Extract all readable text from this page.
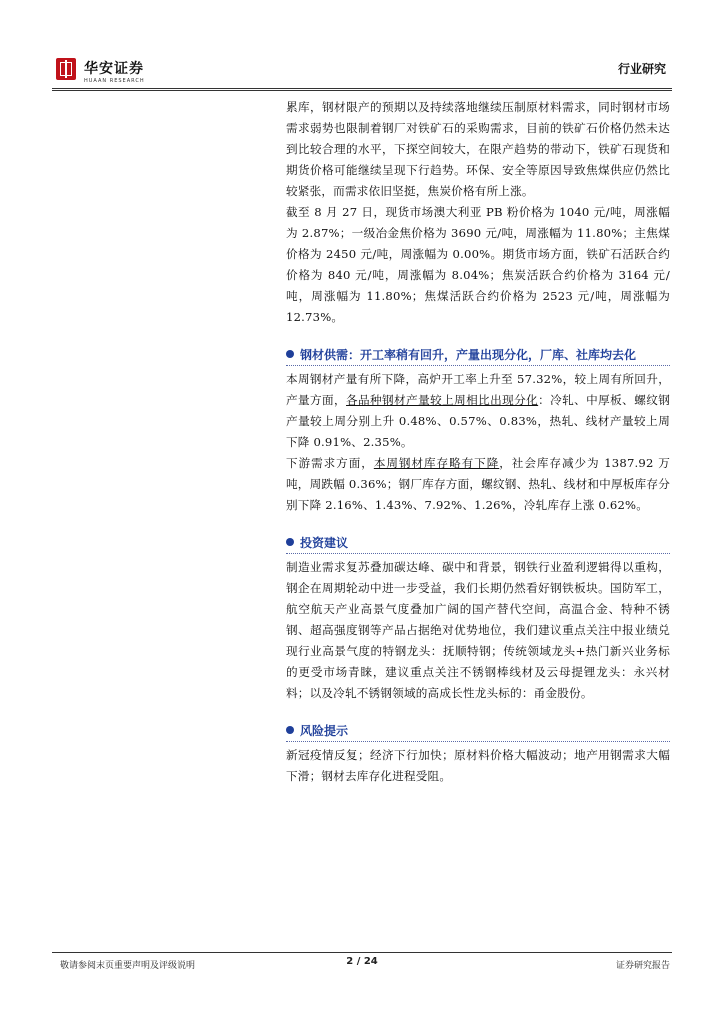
华安证券
HUAAN RESEARCH
行业研究

累库，钢材限产的预期以及持续落地继续压制原材料需求，同时钢材市场需求弱势也限制着钢厂对铁矿石的采购需求，目前的铁矿石价格仍然未达到比较合理的水平，下探空间较大，在限产趋势的带动下，铁矿石现货和期货价格可能继续呈现下行趋势。环保、安全等原因导致焦煤供应仍然比较紧张，而需求依旧坚挺，焦炭价格有所上涨。

截至 8 月 27 日，现货市场澳大利亚 PB 粉价格为 1040 元/吨，周涨幅为 2.87%；一级冶金焦价格为 3690 元/吨，周涨幅为 11.80%；主焦煤价格为 2450 元/吨，周涨幅为 0.00%。期货市场方面，铁矿石活跃合约价格为 840 元/吨，周涨幅为 8.04%；焦炭活跃合约价格为 3164 元/吨，周涨幅为 11.80%；焦煤活跃合约价格为 2523 元/吨，周涨幅为 12.73%。

钢材供需：开工率稍有回升，产量出现分化，厂库、社库均去化

本周钢材产量有所下降，高炉开工率上升至 57.32%，较上周有所回升，产量方面，各品种钢材产量较上周相比出现分化：冷轧、中厚板、螺纹钢产量较上周分别上升 0.48%、0.57%、0.83%，热轧、线材产量较上周下降 0.91%、2.35%。

下游需求方面，本周钢材库存略有下降，社会库存减少为 1387.92 万吨，周跌幅 0.36%；钢厂库存方面，螺纹钢、热轧、线材和中厚板库存分别下降 2.16%、1.43%、7.92%、1.26%，冷轧库存上涨 0.62%。

投资建议

制造业需求复苏叠加碳达峰、碳中和背景，钢铁行业盈利逻辑得以重构，钢企在周期轮动中进一步受益，我们长期仍然看好钢铁板块。国防军工，航空航天产业高景气度叠加广阔的国产替代空间，高温合金、特种不锈钢、超高强度钢等产品占据绝对优势地位，我们建议重点关注中报业绩兑现行业高景气度的特钢龙头：抚顺特钢；传统领域龙头+热门新兴业务标的更受市场青睐，建议重点关注不锈钢棒线材及云母提锂龙头：永兴材料；以及冷轧不锈钢领域的高成长性龙头标的：甬金股份。

风险提示

新冠疫情反复；经济下行加快；原材料价格大幅波动；地产用钢需求大幅下滑；钢材去库存化进程受阻。

敬请参阅末页重要声明及评级说明	2 / 24	证券研究报告
